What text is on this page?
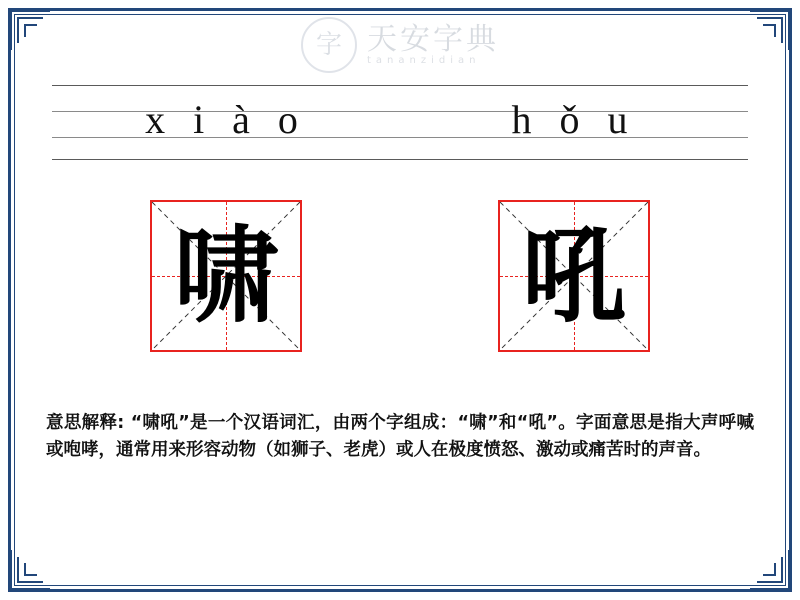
字 天安字典
tananzidian
x i à o	h ǒ u
啸 吼
意思解释: “啸吼”是一个汉语词汇，由两个字组成：“啸”和“吼”。字面意思是指大声呼喊或咆哮，通常用来形容动物（如狮子、老虎）或人在极度愤怒、激动或痛苦时的声音。
